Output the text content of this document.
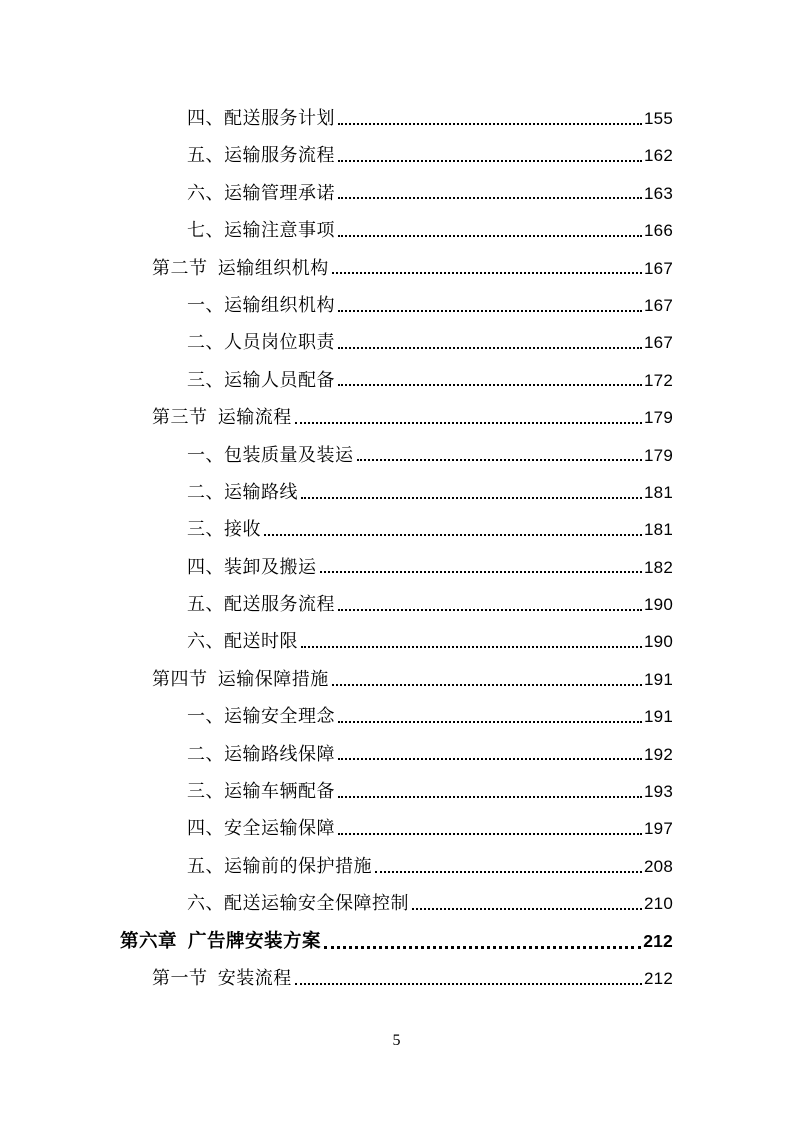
四、配送服务计划	155
五、运输服务流程	162
六、运输管理承诺	163
七、运输注意事项	166
第二节 运输组织机构	167
一、运输组织机构	167
二、人员岗位职责	167
三、运输人员配备	172
第三节 运输流程	179
一、包装质量及装运	179
二、运输路线	181
三、接收	181
四、装卸及搬运	182
五、配送服务流程	190
六、配送时限	190
第四节 运输保障措施	191
一、运输安全理念	191
二、运输路线保障	192
三、运输车辆配备	193
四、安全运输保障	197
五、运输前的保护措施	208
六、配送运输安全保障控制	210
第六章 广告牌安装方案	212
第一节 安装流程	212
5
